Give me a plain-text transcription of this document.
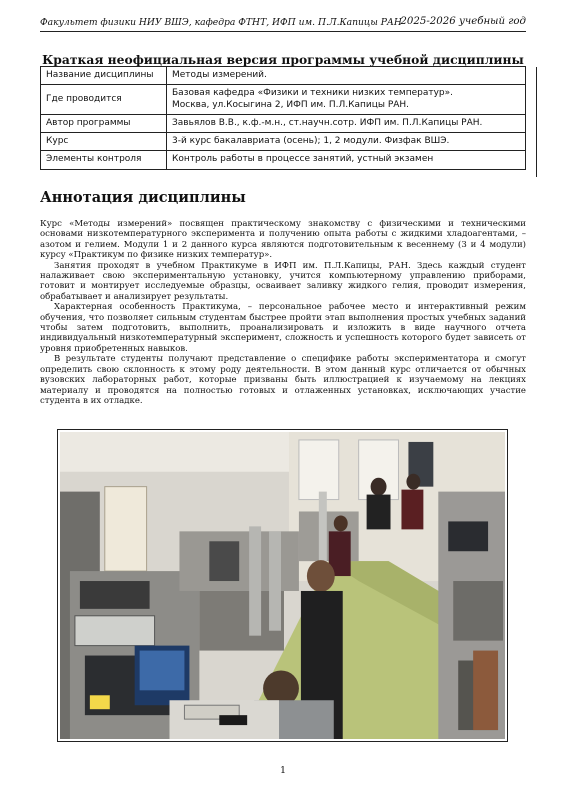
Факультет физики НИУ ВШЭ, кафедра ФТНТ, ИФП им. П.Л.Капицы РАН
2025-2026 учебный год
Краткая неофициальная версия программы учебной дисциплины
Название дисциплины	Методы измерений.
Где проводится	Базовая кафедра «Физики и техники низких температур».
Москва, ул.Косыгина 2, ИФП им. П.Л.Капицы РАН.
Автор программы	Завьялов В.В., к.ф.-м.н., ст.научн.сотр. ИФП им. П.Л.Капицы РАН.
Курс	3-й курс бакалавриата (осень); 1, 2 модули. Физфак ВШЭ.
Элементы контроля	Контроль работы в процессе занятий, устный экзамен
Аннотация дисциплины

Курс «Методы измерений» посвящен практическому знакомству с физическими и техническими основами низкотемпературного эксперимента и получению опыта работы с жидкими хладоагентами, – азотом и гелием. Модули 1 и 2 данного курса являются подготовительным к весеннему (3 и 4 модули) курсу «Практикум по физике низких температур».

Занятия проходят в учебном Практикуме в ИФП им. П.Л.Капицы, РАН. Здесь каждый студент налаживает свою экспериментальную установку, учится компьютерному управлению приборами, готовит и монтирует исследуемые образцы, осваивает заливку жидкого гелия, проводит измерения, обрабатывает и анализирует результаты.

Характерная особенность Практикума, – персональное рабочее место и интерактивный режим обучения, что позволяет сильным студентам быстрее пройти этап выполнения простых учебных заданий чтобы затем подготовить, выполнить, проанализировать и изложить в виде научного отчета индивидуальный низкотемпературный эксперимент, сложность и успешность которого будет зависеть от уровня приобретенных навыков.

В результате студенты получают представление о специфике работы экспериментатора и смогут определить свою склонность к этому роду деятельности. В этом данный курс отличается от обычных вузовских лабораторных работ, которые призваны быть иллюстрацией к изучаемому на лекциях материалу и проводятся на полностью готовых и отлаженных установках, исключающих участие студента в их отладке.

1
